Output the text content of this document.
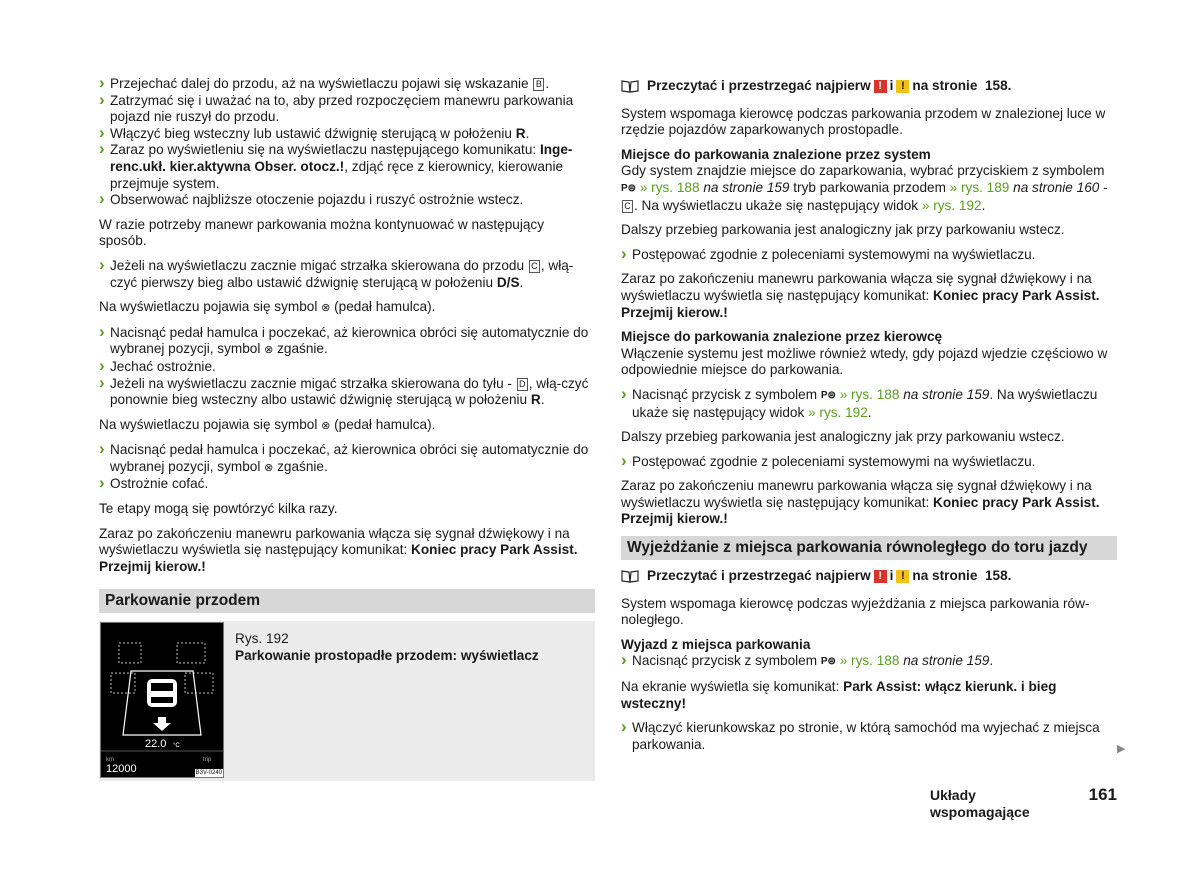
› Przejechać dalej do przodu, aż na wyświetlaczu pojawi się wskazanie B .
› Zatrzymać się i uważać na to, aby przed rozpoczęciem manewru parkowania pojazd nie ruszył do przodu.
› Włączyć bieg wsteczny lub ustawić dźwignię sterującą w położeniu R.
› Zaraz po wyświetleniu się na wyświetlaczu następującego komunikatu: Inge-renc.ukł. kier.aktywna Obser. otocz.!, zdjąć ręce z kierownicy, kierowanie przejmuje system.
› Obserwować najbliższe otoczenie pojazdu i ruszyć ostrożnie wstecz.

W razie potrzeby manewr parkowania można kontynuować w następujący sposób.

› Jeżeli na wyświetlaczu zacznie migać strzałka skierowana do przodu C , włą-czyć pierwszy bieg albo ustawić dźwignię sterującą w położeniu D/S.

Na wyświetlaczu pojawia się symbol ⊗ (pedał hamulca).

› Nacisnąć pedał hamulca i poczekać, aż kierownica obróci się automatycznie do wybranej pozycji, symbol ⊗ zgaśnie.
› Jechać ostrożnie.
› Jeżeli na wyświetlaczu zacznie migać strzałka skierowana do tyłu - D , włą-czyć ponownie bieg wsteczny albo ustawić dźwignię sterującą w położeniu R.

Na wyświetlaczu pojawia się symbol ⊗ (pedał hamulca).

› Nacisnąć pedał hamulca i poczekać, aż kierownica obróci się automatycznie do wybranej pozycji, symbol ⊗ zgaśnie.
› Ostrożnie cofać.

Te etapy mogą się powtórzyć kilka razy.

Zaraz po zakończeniu manewru parkowania włącza się sygnał dźwiękowy i na wyświetlaczu wyświetla się następujący komunikat: Koniec pracy Park Assist. Przejmij kierow.!

Parkowanie przodem
22.0 °C
km	trip
12000	B3V-0240
Rys. 192
Parkowanie prostopadłe przodem: wyświetlacz
Przeczytać i przestrzegać najpierw ! i ! na stronie
158.

System wspomaga kierowcę podczas parkowania przodem w znalezionej luce w rzędzie pojazdów zaparkowanych prostopadle.

Miejsce do parkowania znalezione przez system

Gdy system znajdzie miejsce do zaparkowania, wybrać przyciskiem z symbolem P⊜ » rys. 188 na stronie 159 tryb parkowania przodem » rys. 189 na stronie 160 - C . Na wyświetlaczu ukaże się następujący widok » rys. 192.

Dalszy przebieg parkowania jest analogiczny jak przy parkowaniu wstecz.

› Postępować zgodnie z poleceniami systemowymi na wyświetlaczu.

Zaraz po zakończeniu manewru parkowania włącza się sygnał dźwiękowy i na wyświetlaczu wyświetla się następujący komunikat: Koniec pracy Park Assist. Przejmij kierow.!

Miejsce do parkowania znalezione przez kierowcę

Włączenie systemu jest możliwe również wtedy, gdy pojazd wjedzie częściowo w odpowiednie miejsce do parkowania.

› Nacisnąć przycisk z symbolem P⊜ » rys. 188 na stronie 159. Na wyświetlaczu ukaże się następujący widok » rys. 192.

Dalszy przebieg parkowania jest analogiczny jak przy parkowaniu wstecz.

› Postępować zgodnie z poleceniami systemowymi na wyświetlaczu.

Zaraz po zakończeniu manewru parkowania włącza się sygnał dźwiękowy i na wyświetlaczu wyświetla się następujący komunikat: Koniec pracy Park Assist. Przejmij kierow.!

Wyjeżdżanie z miejsca parkowania równoległego do toru jazdy
Przeczytać i przestrzegać najpierw ! i ! na stronie
158.

System wspomaga kierowcę podczas wyjeżdżania z miejsca parkowania rów-noległego.

Wyjazd z miejsca parkowania
› Nacisnąć przycisk z symbolem P⊜ » rys. 188 na stronie 159.

Na ekranie wyświetla się komunikat: Park Assist: włącz kierunk. i bieg wsteczny!

› Włączyć kierunkowskaz po stronie, w którą samochód ma wyjechać z miejsca parkowania.	▶
Układy wspomagające
161
